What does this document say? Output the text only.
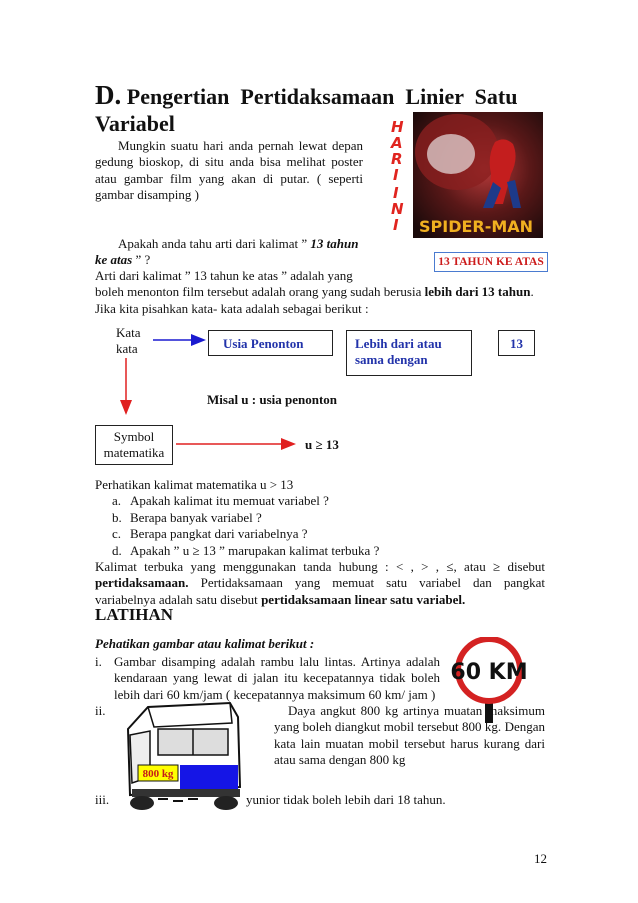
D. Pengertian  Pertidaksamaan  Linier  Satu
Variabel
Mungkin suatu hari anda pernah lewat depan gedung bioskop, di situ anda bisa melihat poster atau gambar film yang akan di putar. ( seperti gambar disamping )
SPIDER-MAN
H
A
R
I
I
N
I
13 TAHUN KE ATAS
Apakah anda tahu arti dari kalimat ” 13 tahun
ke atas ” ?
Arti dari kalimat ” 13 tahun ke atas ” adalah yang
boleh menonton film tersebut adalah orang yang sudah berusia lebih dari 13 tahun.
Jika kita pisahkan kata- kata adalah sebagai berikut :
Kata kata	Usia Penonton	Lebih dari atau sama dengan
13
Misal u : usia penonton
Symbol matematika
u ≥ 13
Perhatikan kalimat matematika u > 13
a. Apakah kalimat itu memuat variabel ?
b. Berapa banyak variabel ?
c. Berapa pangkat dari variabelnya ?
d. Apakah ” u ≥ 13 ” marupakan kalimat terbuka ?
Kalimat terbuka yang menggunakan tanda hubung : < , > , ≤, atau ≥ disebut pertidaksamaan. Pertidaksamaan yang memuat satu variabel dan pangkat variabelnya adalah satu disebut pertidaksamaan linear satu variabel.
LATIHAN
Pehatikan gambar atau kalimat berikut :
i. Gambar disamping adalah rambu lalu lintas. Artinya adalah kendaraan yang lewat di jalan itu kecepatannya tidak boleh lebih dari 60 km/jam ( kecepatannya maksimum 60 km/ jam )
60 KM
ii.	Daya angkut 800 kg artinya muatan maksimum yang boleh diangkut mobil tersebut 800 kg. Dengan kata lain muatan mobil tersebut harus kurang dari atau sama dengan 800 kg
800 kg
iii.	yunior tidak boleh lebih dari 18 tahun.
12
